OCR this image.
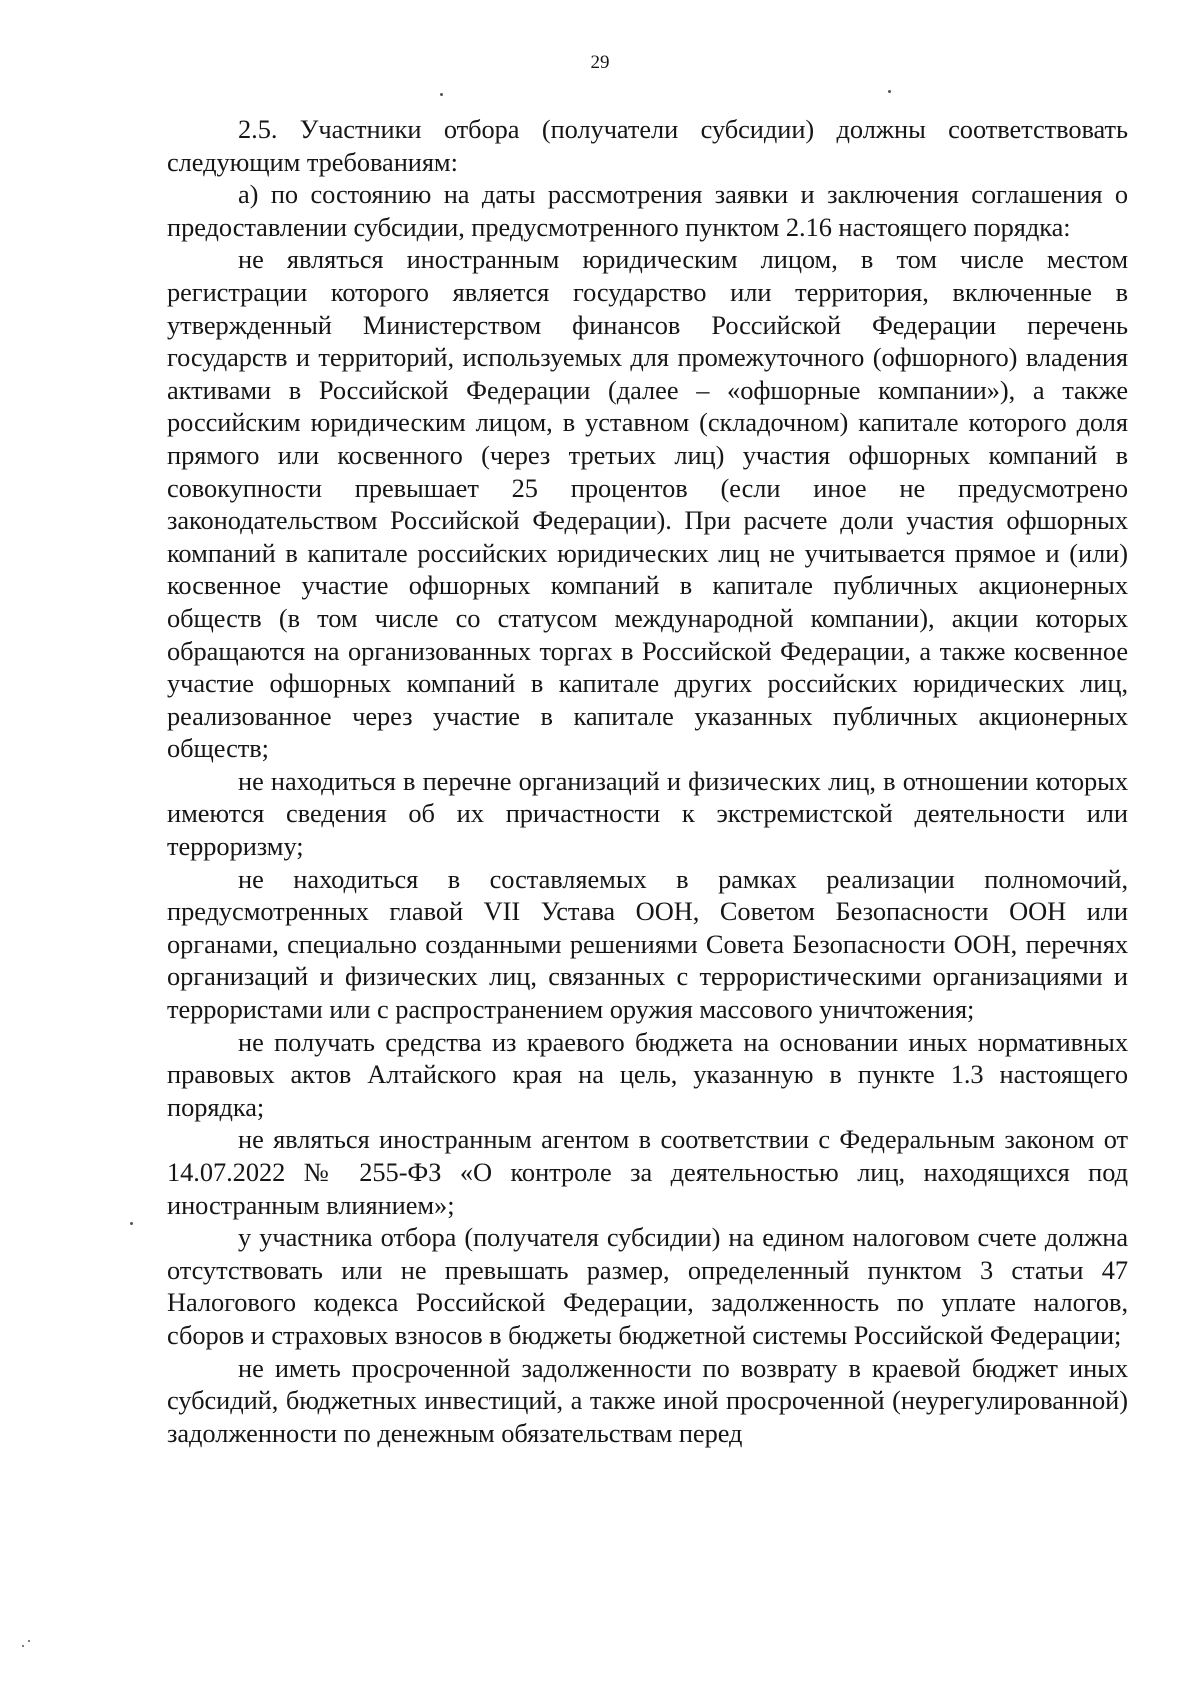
29

2.5. Участники отбора (получатели субсидии) должны соответствовать следующим требованиям:

а) по состоянию на даты рассмотрения заявки и заключения соглашения о предоставлении субсидии, предусмотренного пунктом 2.16 настоящего порядка:

не являться иностранным юридическим лицом, в том числе местом регистрации которого является государство или территория, включенные в утвержденный Министерством финансов Российской Федерации перечень государств и территорий, используемых для промежуточного (офшорного) владения активами в Российской Федерации (далее – «офшорные компании»), а также российским юридическим лицом, в уставном (складочном) капитале которого доля прямого или косвенного (через третьих лиц) участия офшорных компаний в совокупности превышает 25 процентов (если иное не предусмотрено законодательством Российской Федерации). При расчете доли участия офшорных компаний в капитале российских юридических лиц не учитывается прямое и (или) косвенное участие офшорных компаний в капитале публичных акционерных обществ (в том числе со статусом международной компании), акции которых обращаются на организованных торгах в Российской Федерации, а также косвенное участие офшорных компаний в капитале других российских юридических лиц, реализованное через участие в капитале указанных публичных акционерных обществ;

не находиться в перечне организаций и физических лиц, в отношении которых имеются сведения об их причастности к экстремистской деятельности или терроризму;

не находиться в составляемых в рамках реализации полномочий, предусмотренных главой VII Устава ООН, Советом Безопасности ООН или органами, специально созданными решениями Совета Безопасности ООН, перечнях организаций и физических лиц, связанных с террористическими организациями и террористами или с распространением оружия массового уничтожения;

не получать средства из краевого бюджета на основании иных нормативных правовых актов Алтайского края на цель, указанную в пункте 1.3 настоящего порядка;

не являться иностранным агентом в соответствии с Федеральным законом от 14.07.2022 № 255-ФЗ «О контроле за деятельностью лиц, находящихся под иностранным влиянием»;

у участника отбора (получателя субсидии) на едином налоговом счете должна отсутствовать или не превышать размер, определенный пунктом 3 статьи 47 Налогового кодекса Российской Федерации, задолженность по уплате налогов, сборов и страховых взносов в бюджеты бюджетной системы Российской Федерации;

не иметь просроченной задолженности по возврату в краевой бюджет иных субсидий, бюджетных инвестиций, а также иной просроченной (неурегулированной) задолженности по денежным обязательствам перед
